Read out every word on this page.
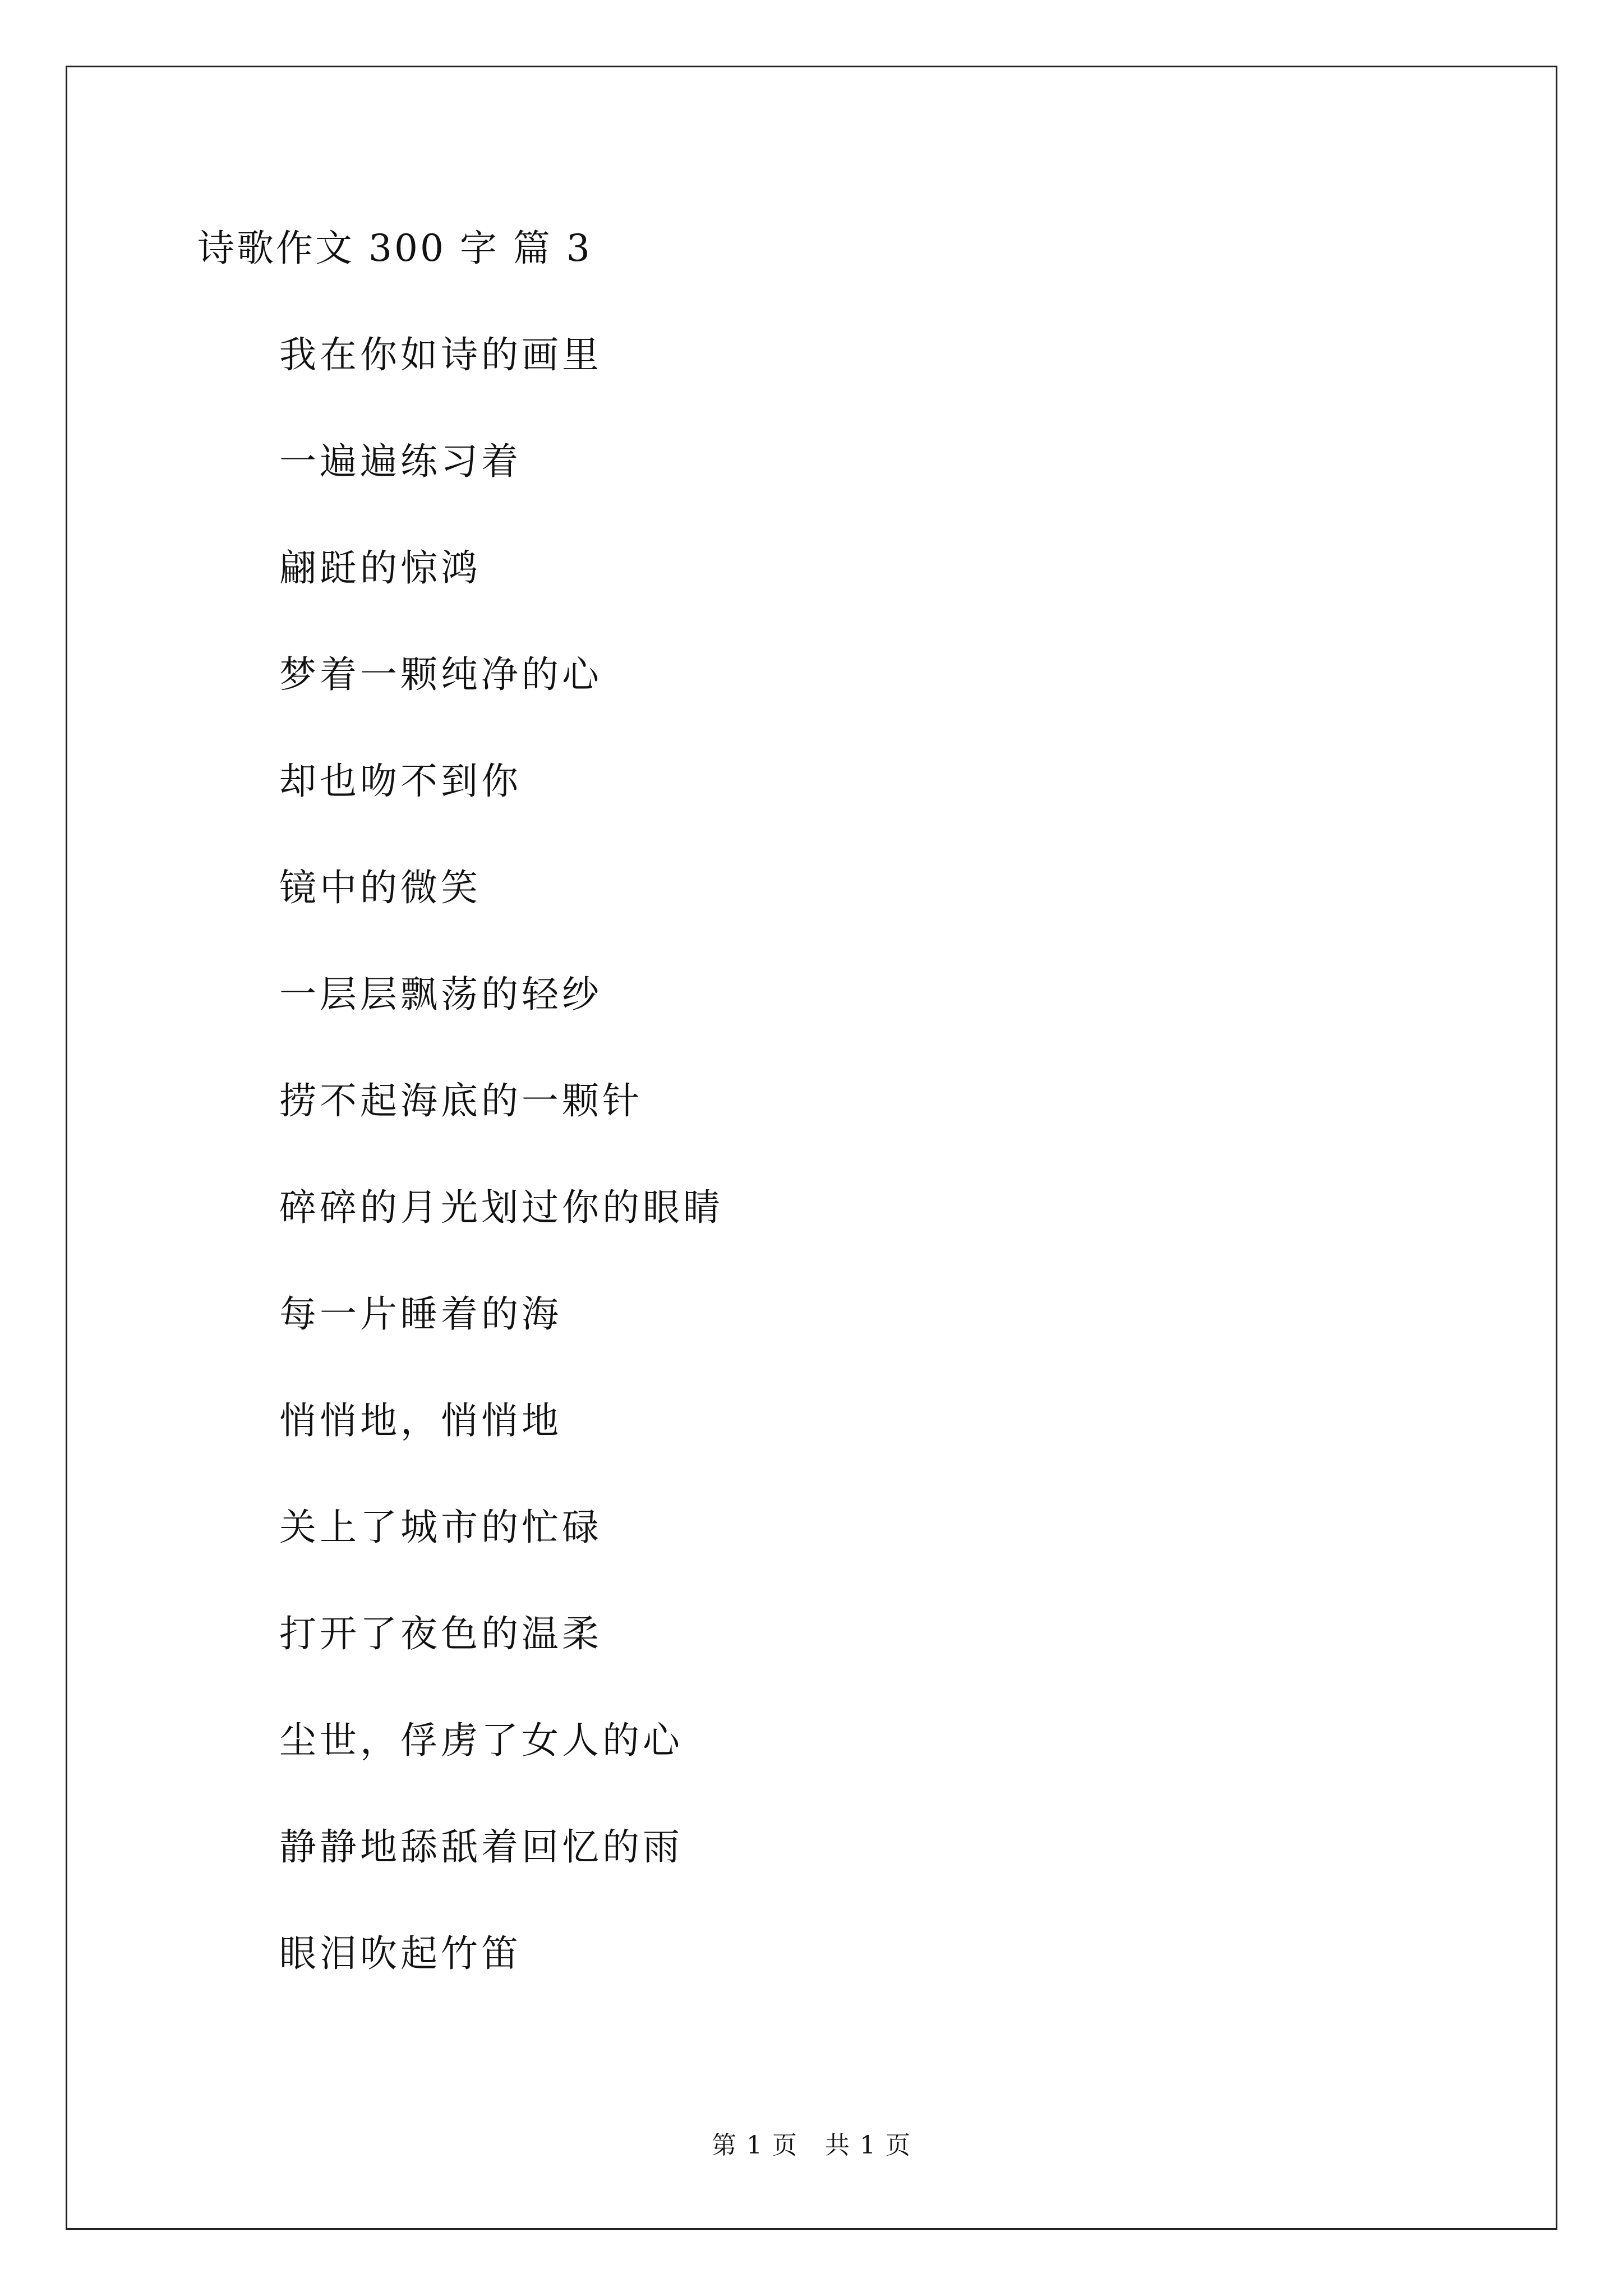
诗歌作文 300 字 篇 3
我在你如诗的画里
一遍遍练习着
翩跹的惊鸿
梦着一颗纯净的心
却也吻不到你
镜中的微笑
一层层飘荡的轻纱
捞不起海底的一颗针
碎碎的月光划过你的眼睛
每一片睡着的海
悄悄地，悄悄地
关上了城市的忙碌
打开了夜色的温柔
尘世，俘虏了女人的心
静静地舔舐着回忆的雨
眼泪吹起竹笛
第 1 页 共 1 页
